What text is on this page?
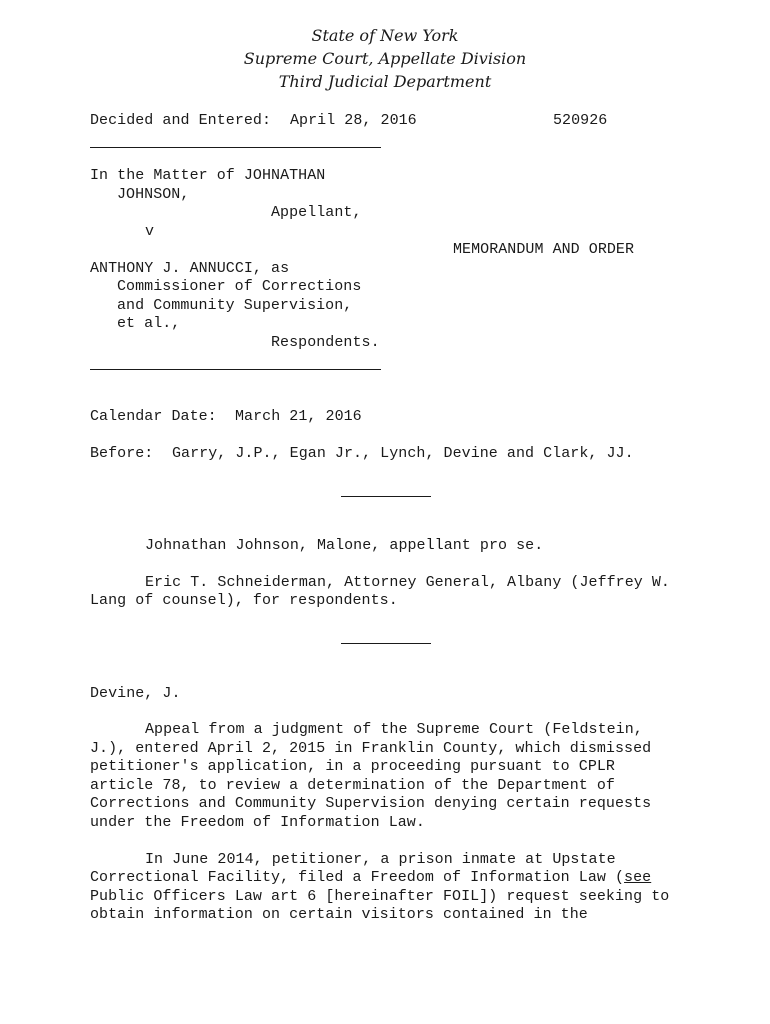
State of New York
Supreme Court, Appellate Division
Third Judicial Department
Decided and Entered: April 28, 2016	520926
In the Matter of JOHNATHAN
JOHNSON,
Appellant,
v
MEMORANDUM AND ORDER
ANTHONY J. ANNUCCI, as
Commissioner of Corrections
and Community Supervision,
et al.,
Respondents.
Calendar Date: March 21, 2016
Before: Garry, J.P., Egan Jr., Lynch, Devine and Clark, JJ.
Johnathan Johnson, Malone, appellant pro se.
Eric T. Schneiderman, Attorney General, Albany (Jeffrey W.
Lang of counsel), for respondents.
Devine, J.
Appeal from a judgment of the Supreme Court (Feldstein,
J.), entered April 2, 2015 in Franklin County, which dismissed
petitioner's application, in a proceeding pursuant to CPLR
article 78, to review a determination of the Department of
Corrections and Community Supervision denying certain requests
under the Freedom of Information Law.
In June 2014, petitioner, a prison inmate at Upstate
Correctional Facility, filed a Freedom of Information Law (see
Public Officers Law art 6 [hereinafter FOIL]) request seeking to
obtain information on certain visitors contained in the
